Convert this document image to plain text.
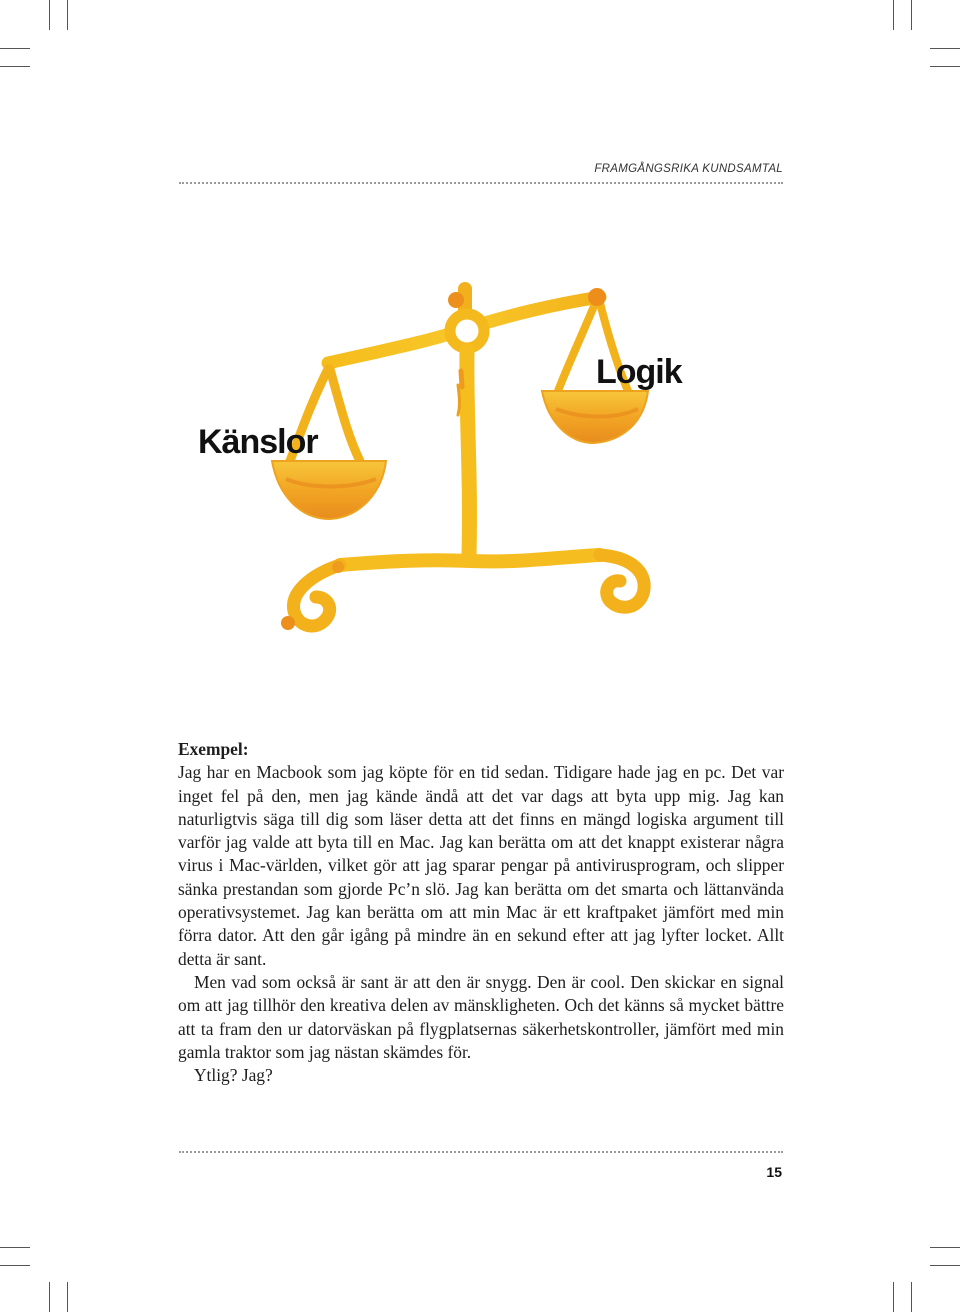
FRAMGÅNGSRIKA KUNDSAMTAL
Känslor
Logik

Exempel:

Jag har en Macbook som jag köpte för en tid sedan. Tidigare hade jag en pc. Det var inget fel på den, men jag kände ändå att det var dags att byta upp mig. Jag kan naturligtvis säga till dig som läser detta att det finns en mängd logiska argument till varför jag valde att byta till en Mac. Jag kan berätta om att det knappt existerar några virus i Mac-världen, vilket gör att jag sparar pengar på antivirusprogram, och slipper sänka prestandan som gjorde Pc’n slö. Jag kan berätta om det smarta och lättanvända operativsystemet. Jag kan berätta om att min Mac är ett kraftpaket jämfört med min förra dator. Att den går igång på mindre än en sekund efter att jag lyfter locket. Allt detta är sant.

Men vad som också är sant är att den är snygg. Den är cool. Den skickar en signal om att jag tillhör den kreativa delen av mänskligheten. Och det känns så mycket bättre att ta fram den ur datorväskan på flygplatsernas säkerhetskontroller, jämfört med min gamla traktor som jag nästan skämdes för.

Ytlig? Jag?

15
